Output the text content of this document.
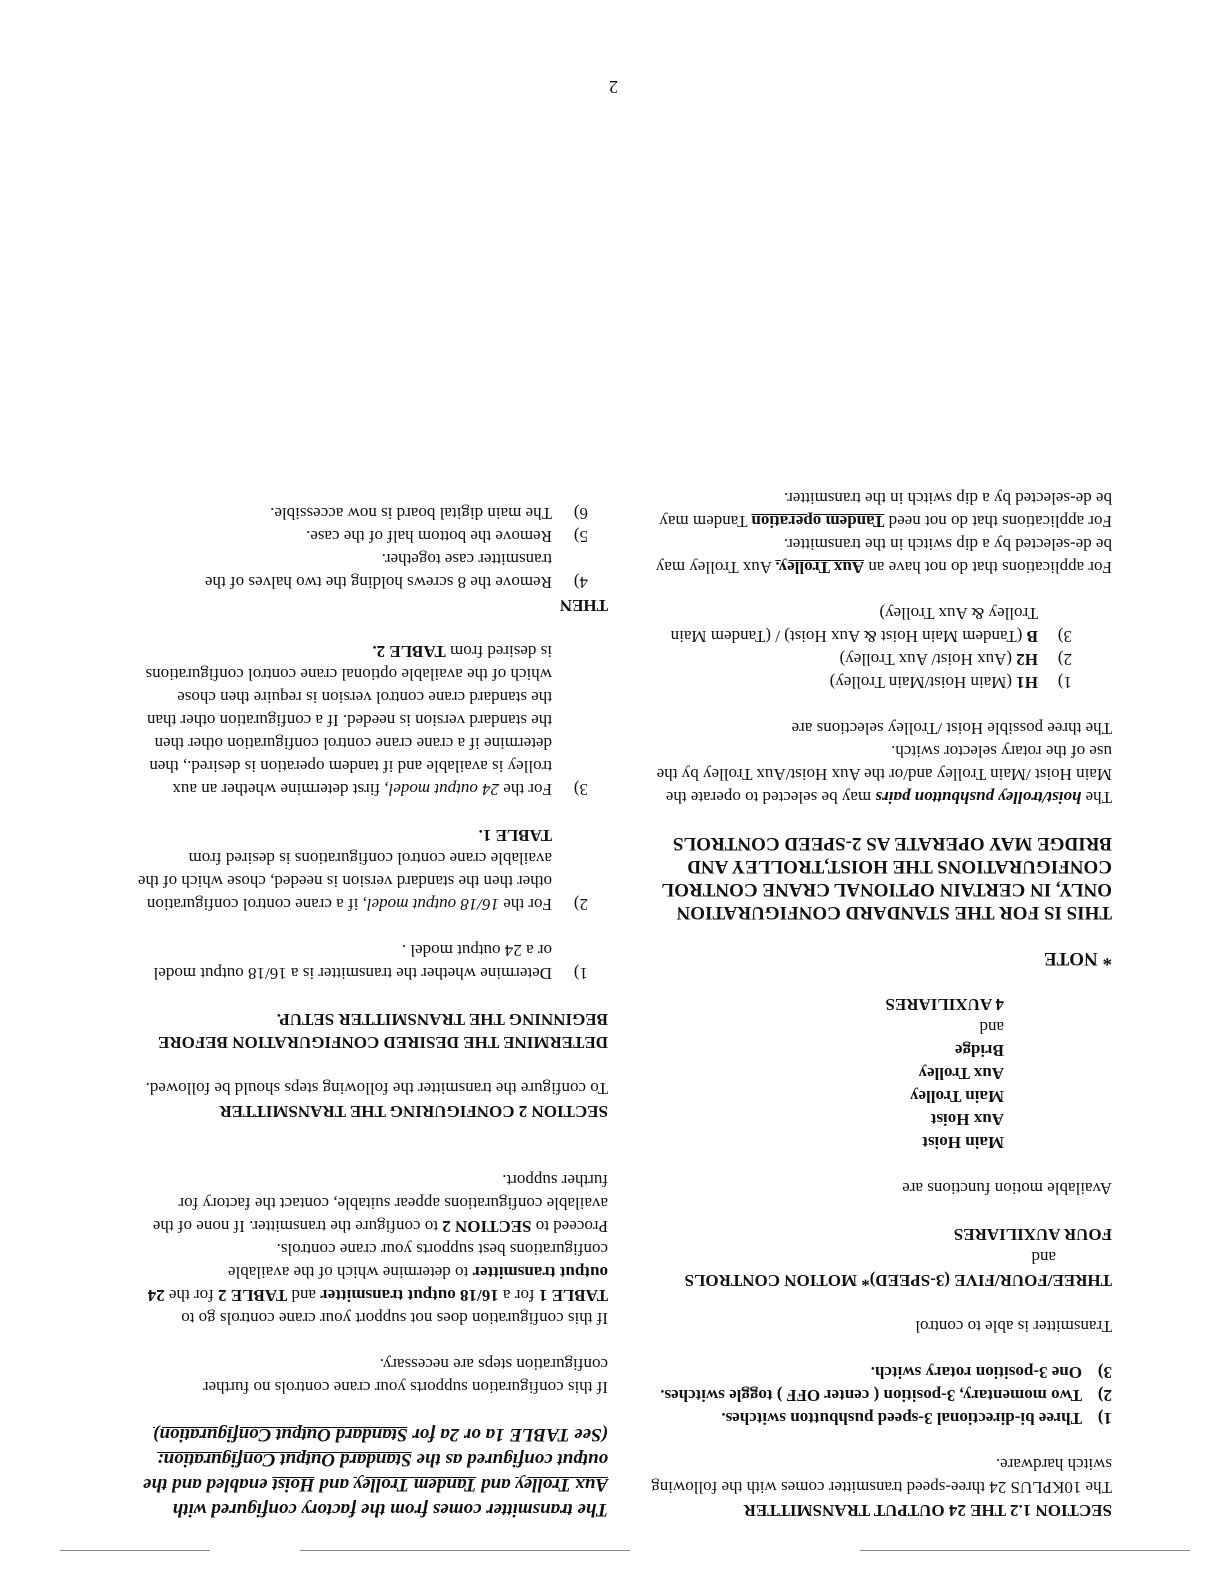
SECTION 1.2 THE 24 OUTPUT TRANSMITTER

The 10KPLUS 24 three-speed transmitter comes with the following switch hardware.

1)
Three bi-directional 3-speed pushbutton switches.
2)
Two momentary, 3-position ( center OFF ) toggle switches.
3)
One 3-position rotary switch.

Transmitter is able to control

THREE/FOUR/FIVE (3-SPEED)* MOTION CONTROLS

and

FOUR AUXILIARES

Available motion functions are

Main Hoist

Aux Hoist

Main Trolley

Aux Trolley

Bridge

and

4 AUXILIARES

* NOTE

THIS IS FOR THE STANDARD CONFIGURATION ONLY, IN CERTAIN OPTIONAL CRANE CONTROL CONFIGURATIONS THE HOIST,TROLLEY AND BRIDGE MAY OPERATE AS 2-SPEED CONTROLS

The hoist/trolley pushbutton pairs may be selected to operate the Main Hoist /Main Trolley and/or the Aux Hoist/Aux Trolley by the use of the rotary selector switch.

The three possible Hoist /Trolley selections are

1)
H1 (Main Hoist/Main Trolley)
2)
H2 (Aux Hoist/ Aux Trolley)
3)
B (Tandem Main Hoist & Aux Hoist) / (Tandem Main Trolley & Aux Trolley)

For applications that do not have an Aux Trolley. Aux Trolley may be de-selected by a dip switch in the transmitter.

For applications that do not need Tandem operation Tandem may be de-selected by a dip switch in the transmitter.

The transmitter comes from the factory configured with Aux Trolley and Tandem Trolley and Hoist enabled and the output configured as the Standard Output Configuration: (See TABLE 1a or 2a for Standard Output Configuration)

If this configuration supports your crane controls no further configuration steps are necessary.

If this configuration does not support your crane controls go to TABLE 1 for a 16/18 output transmitter and TABLE 2 for the 24 output transmitter to determine which of the available configurations best supports your crane controls.

Proceed to SECTION 2 to configure the transmitter. If none of the available configurations appear suitable, contact the factory for further support.

SECTION 2 CONFIGURING THE TRANSMITTER

To configure the transmitter the following steps should be followed.

DETERMINE THE DESIRED CONFIGURATION BEFORE BEGINNING THE TRANSMITTER SETUP.

1)
Determine whether the transmitter is a 16/18 output model or a 24 output model .
2)
For the 16/18 output model, if a crane control configuration other then the standard version is needed, chose which of the available crane control configurations is desired from TABLE 1.
3)
For the 24 output model, first determine whether an aux trolley is available and if tandem operation is desired., then determine if a crane crane control configuration other then the standard version is needed. If a configuration other than the standard crane control version is require then chose which of the available optional crane control configurations is desired from TABLE 2.

THEN

4)
Remove the 8 screws holding the two halves of the transmitter case together.
5)
Remove the bottom half of the case.
6)
The main digital board is now accessible.
2
